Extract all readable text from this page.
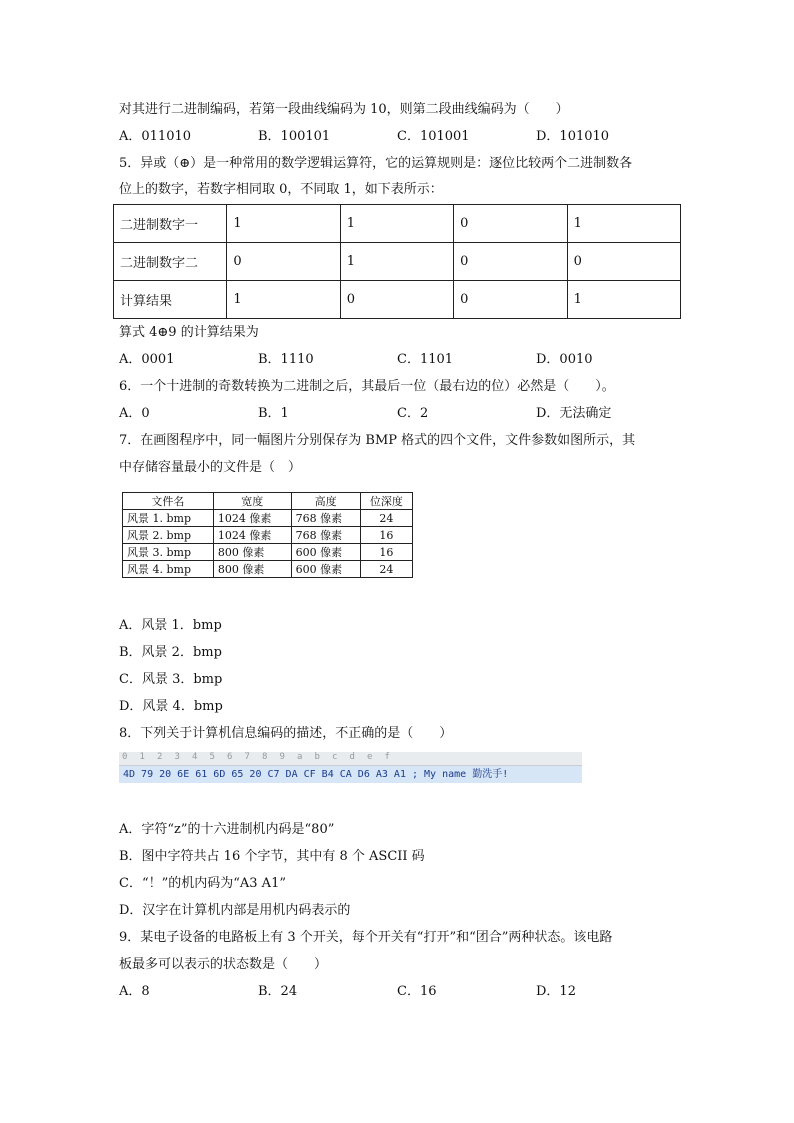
对其进行二进制编码，若第一段曲线编码为 10，则第二段曲线编码为（　　）
A．011010	B．100101	C．101001	D．101010
5．异或（⊕）是一种常用的数学逻辑运算符，它的运算规则是：逐位比较两个二进制数各
位上的数字，若数字相同取 0，不同取 1，如下表所示：
二进制数字一	1	1	0	1
二进制数字二	0	1	0	0
计算结果	1	0	0	1
算式 4⊕9 的计算结果为
A．0001	B．1110	C．1101	D．0010
6．一个十进制的奇数转换为二进制之后，其最后一位（最右边的位）必然是（　　）。
A．0	B．1	C．2	D．无法确定
7．在画图程序中，同一幅图片分别保存为 BMP 格式的四个文件，文件参数如图所示，其
中存储容量最小的文件是（　）
文件名	宽度	高度	位深度
风景 1. bmp	1024 像素	768 像素	24
风景 2. bmp	1024 像素	768 像素	16
风景 3. bmp	800 像素	600 像素	16
风景 4. bmp	800 像素	600 像素	24
A．风景 1．bmp
B．风景 2．bmp
C．风景 3．bmp
D．风景 4．bmp
8．下列关于计算机信息编码的描述，不正确的是（　　）
0 1 2 3 4 5 6 7 8 9 a b c d e f
4D 79 20 6E 61 6D 65 20 C7 DA CF B4 CA D6 A3 A1 ; My name 勤洗手!
A．字符“z”的十六进制机内码是“80”
B．图中字符共占 16 个字节，其中有 8 个 ASCII 码
C．“！”的机内码为“A3 A1”
D．汉字在计算机内部是用机内码表示的
9．某电子设备的电路板上有 3 个开关，每个开关有“打开”和“团合”两种状态。该电路
板最多可以表示的状态数是（　　）
A．8	B．24	C．16	D．12
